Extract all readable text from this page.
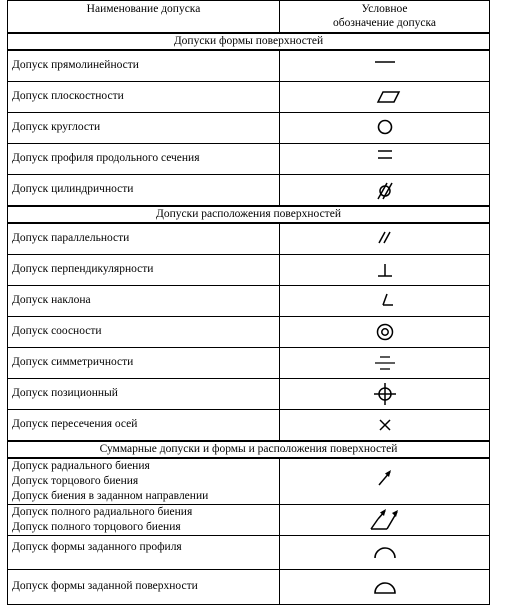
Наименование допуска	Условное
обозначение допуска

Допуски формы поверхностей	

Допуск прямолинейности

Допуск плоскостности

Допуск круглости

Допуск профиля продольного сечения

Допуск цилиндричности

Допуски расположения поверхностей	

Допуск параллельности

Допуск перпендикулярности

Допуск наклона

Допуск соосности

Допуск симметричности

Допуск позиционный

Допуск пересечения осей

Суммарные допуски и формы и расположения поверхностей	

Допуск радиального биения
Допуск торцового биения
Допуск биения в заданном направлении

Допуск полного радиального биения
Допуск полного торцового биения

Допуск формы заданного профиля

Допуск формы заданной поверхности
